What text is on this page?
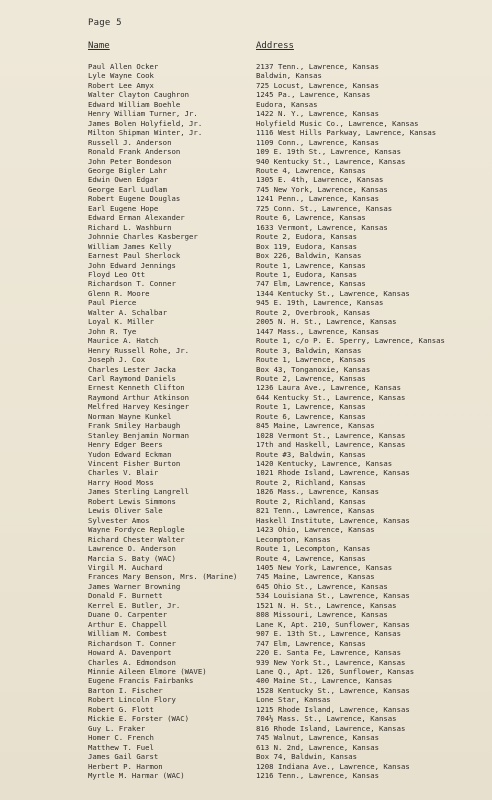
Page 5
Name	Address
Paul Allen Ocker	2137 Tenn., Lawrence, Kansas
Lyle Wayne Cook	Baldwin, Kansas
Robert Lee Amyx	725 Locust, Lawrence, Kansas
Walter Clayton Caughron	1245 Pa., Lawrence, Kansas
Edward William Boehle	Eudora, Kansas
Henry William Turner, Jr.	1422 N. Y., Lawrence, Kansas
James Bolen Holyfield, Jr.	Holyfield Music Co., Lawrence, Kansas
Milton Shipman Winter, Jr.	1116 West Hills Parkway, Lawrence, Kansas
Russell J. Anderson	1109 Conn., Lawrence, Kansas
Ronald Frank Anderson	109 E. 19th St., Lawrence, Kansas
John Peter Bondeson	940 Kentucky St., Lawrence, Kansas
George Bigler Lahr	Route 4, Lawrence, Kansas
Edwin Owen Edgar	1305 E. 4th, Lawrence, Kansas
George Earl Ludlam	745 New York, Lawrence, Kansas
Robert Eugene Douglas	1241 Penn., Lawrence, Kansas
Earl Eugene Hope	725 Conn. St., Lawrence, Kansas
Edward Erman Alexander	Route 6, Lawrence, Kansas
Richard L. Washburn	1633 Vermont, Lawrence, Kansas
Johnnie Charles Kasberger	Route 2, Eudora, Kansas
William James Kelly	Box 119, Eudora, Kansas
Earnest Paul Sherlock	Box 226, Baldwin, Kansas
John Edward Jennings	Route 1, Lawrence, Kansas
Floyd Leo Ott	Route 1, Eudora, Kansas
Richardson T. Conner	747 Elm, Lawrence, Kansas
Glenn R. Moore	1344 Kentucky St., Lawrence, Kansas
Paul Pierce	945 E. 19th, Lawrence, Kansas
Walter A. Schalbar	Route 2, Overbrook, Kansas
Loyal K. Miller	2005 N. H. St., Lawrence, Kansas
John R. Tye	1447 Mass., Lawrence, Kansas
Maurice A. Hatch	Route 1, c/o P. E. Sperry, Lawrence, Kansas
Henry Russell Rohe, Jr.	Route 3, Baldwin, Kansas
Joseph J. Cox	Route 1, Lawrence, Kansas
Charles Lester Jacka	Box 43, Tonganoxie, Kansas
Carl Raymond Daniels	Route 2, Lawrence, Kansas
Ernest Kenneth Clifton	1236 Laura Ave., Lawrence, Kansas
Raymond Arthur Atkinson	644 Kentucky St., Lawrence, Kansas
Melfred Harvey Kesinger	Route 1, Lawrence, Kansas
Norman Wayne Kunkel	Route 6, Lawrence, Kansas
Frank Smiley Harbaugh	845 Maine, Lawrence, Kansas
Stanley Benjamin Norman	1028 Vermont St., Lawrence, Kansas
Henry Edger Beers	17th and Haskell, Lawrence, Kansas
Yudon Edward Eckman	Route #3, Baldwin, Kansas
Vincent Fisher Burton	1420 Kentucky, Lawrence, Kansas
Charles V. Blair	1021 Rhode Island, Lawrence, Kansas
Harry Hood Moss	Route 2, Richland, Kansas
James Sterling Langrell	1826 Mass., Lawrence, Kansas
Robert Lewis Simmons	Route 2, Richland, Kansas
Lewis Oliver Sale	821 Tenn., Lawrence, Kansas
Sylvester Amos	Haskell Institute, Lawrence, Kansas
Wayne Fordyce Replogle	1423 Ohio, Lawrence, Kansas
Richard Chester Walter	Lecompton, Kansas
Lawrence O. Anderson	Route 1, Lecompton, Kansas
Marcia S. Baty (WAC)	Route 4, Lawrence, Kansas
Virgil M. Auchard	1405 New York, Lawrence, Kansas
Frances Mary Benson, Mrs. (Marine)	745 Maine, Lawrence, Kansas
James Warner Browning	645 Ohio St., Lawrence, Kansas
Donald F. Burnett	534 Louisiana St., Lawrence, Kansas
Kerrel E. Butler, Jr.	1521 N. H. St., Lawrence, Kansas
Duane O. Carpenter	808 Missouri, Lawrence, Kansas
Arthur E. Chappell	Lane K, Apt. 210, Sunflower, Kansas
William M. Combest	907 E. 13th St., Lawrence, Kansas
Richardson T. Conner	747 Elm, Lawrence, Kansas
Howard A. Davenport	220 E. Santa Fe, Lawrence, Kansas
Charles A. Edmondson	939 New York St., Lawrence, Kansas
Minnie Aileen Elmore (WAVE)	Lane Q., Apt. 126, Sunflower, Kansas
Eugene Francis Fairbanks	400 Maine St., Lawrence, Kansas
Barton I. Fischer	1528 Kentucky St., Lawrence, Kansas
Robert Lincoln Flory	Lone Star, Kansas
Robert G. Flott	1215 Rhode Island, Lawrence, Kansas
Mickie E. Forster (WAC)	704½ Mass. St., Lawrence, Kansas
Guy L. Fraker	816 Rhode Island, Lawrence, Kansas
Homer C. French	745 Walnut, Lawrence, Kansas
Matthew T. Fuel	613 N. 2nd, Lawrence, Kansas
James Gail Garst	Box 74, Baldwin, Kansas
Herbert P. Harmon	1208 Indiana Ave., Lawrence, Kansas
Myrtle M. Harmar (WAC)	1216 Tenn., Lawrence, Kansas
